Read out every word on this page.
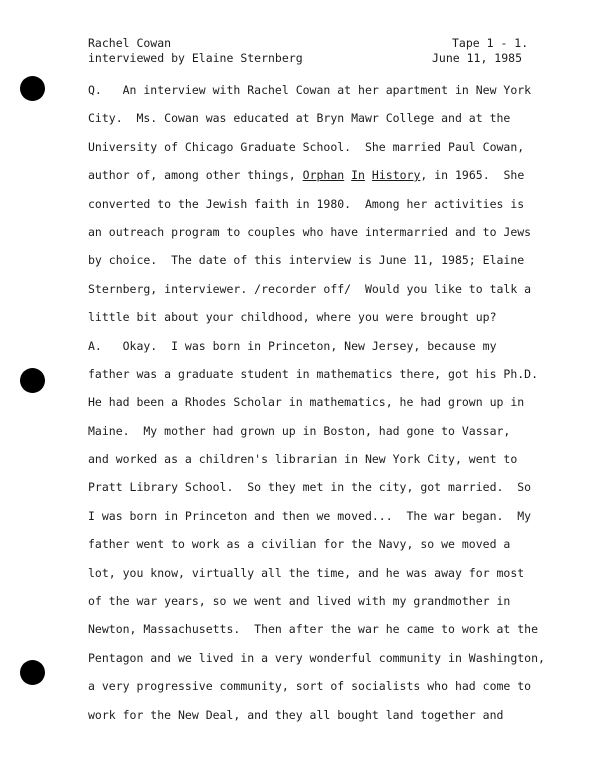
Rachel Cowan
interviewed by Elaine Sternberg
Tape 1 - 1.
June 11, 1985
Q.   An interview with Rachel Cowan at her apartment in New York
City.  Ms. Cowan was educated at Bryn Mawr College and at the
University of Chicago Graduate School.  She married Paul Cowan,
author of, among other things, Orphan In History, in 1965.  She
converted to the Jewish faith in 1980.  Among her activities is
an outreach program to couples who have intermarried and to Jews
by choice.  The date of this interview is June 11, 1985; Elaine
Sternberg, interviewer. /recorder off/  Would you like to talk a
little bit about your childhood, where you were brought up?
A.   Okay.  I was born in Princeton, New Jersey, because my
father was a graduate student in mathematics there, got his Ph.D.
He had been a Rhodes Scholar in mathematics, he had grown up in
Maine.  My mother had grown up in Boston, had gone to Vassar,
and worked as a children's librarian in New York City, went to
Pratt Library School.  So they met in the city, got married.  So
I was born in Princeton and then we moved...  The war began.  My
father went to work as a civilian for the Navy, so we moved a
lot, you know, virtually all the time, and he was away for most
of the war years, so we went and lived with my grandmother in
Newton, Massachusetts.  Then after the war he came to work at the
Pentagon and we lived in a very wonderful community in Washington,
a very progressive community, sort of socialists who had come to
work for the New Deal, and they all bought land together and
